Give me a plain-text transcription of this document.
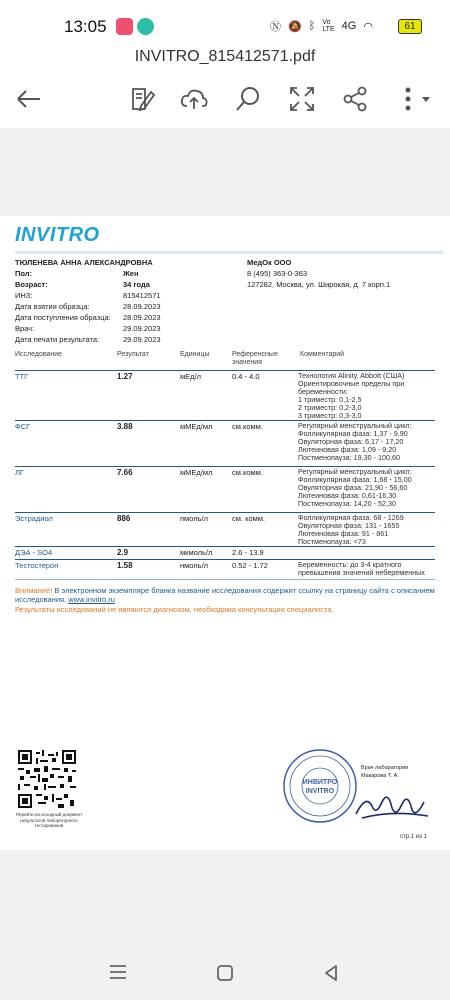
13:05	Ⓝ 🔕 ᛒ Vo
LTE 4G ◠	61
INVITRO_815412571.pdf
INVITRO
ТЮЛЕНЕВА АННА АЛЕКСАНДРОВНА
Пол:	Жен
Возраст:	34 года
ИНЗ:	815412571
Дата взятия образца:	28.09.2023
Дата поступления образца: 28.09.2023
Врач:	29.09.2023
Дата печати результата:	29.09.2023
МедОк ООО
8 (495) 363-0-363
127282, Москва, ул. Широкая, д. 7 корп.1
Исследование	Результат	Единицы	Референсные
значения
Комментарий
ТТГ	1.27	мЕд/л	0.4 - 4.0	Технология Alinity, Abbott (США)
Ориентировочные пределы при
беременности:
1 триместр: 0,1-2,5
2 триместр: 0,2-3,0
3 триместр: 0,3-3,0
ФСГ	3.88	мМЕд/мл	см.комм.	Регулярный менструальный цикл:
Фолликулярная фаза: 1,37 - 9,90
Овуляторная фаза: 6,17 - 17,20
Лютеиновая фаза: 1,09 - 9,20
Постменопауза: 19,30 - 100,60
ЛГ	7.66	мМЕд/мл	см.комм.	Регулярный менструальный цикл:
Фолликулярная фаза: 1,68 - 15,00
Овуляторная фаза: 21,90 - 56,60
Лютеиновая фаза: 0,61-16,30
Постменопауза: 14,20 - 52,30
Эстрадиол	886	пмоль/л	см. комм.	Фолликулярная фаза: 68 - 1269
Овуляторная фаза: 131 - 1655
Лютеиновая фаза: 91 - 861
Постменопаузa: <73
ДЭА - SO4	2.9	мкмоль/л	2.6 - 13.9
Тестостерон	1.58	нмоль/л	0.52 - 1.72	Беременность: до 3-4 кратного
превышения значений небеременных
Внимание! В электронном экземпляре бланка название исследования содержит ссылку на страницу сайта с описанием
исследования. www.invitro.ru
Результаты исследований не являются диагнозом, необходима консультация специалиста.
Перейти на исходный документ результатов лабораторного тестирования
ИНВИТРО
INVITRO
Врач лаборатории
Макарова Т. А.
стр.1 из 1
